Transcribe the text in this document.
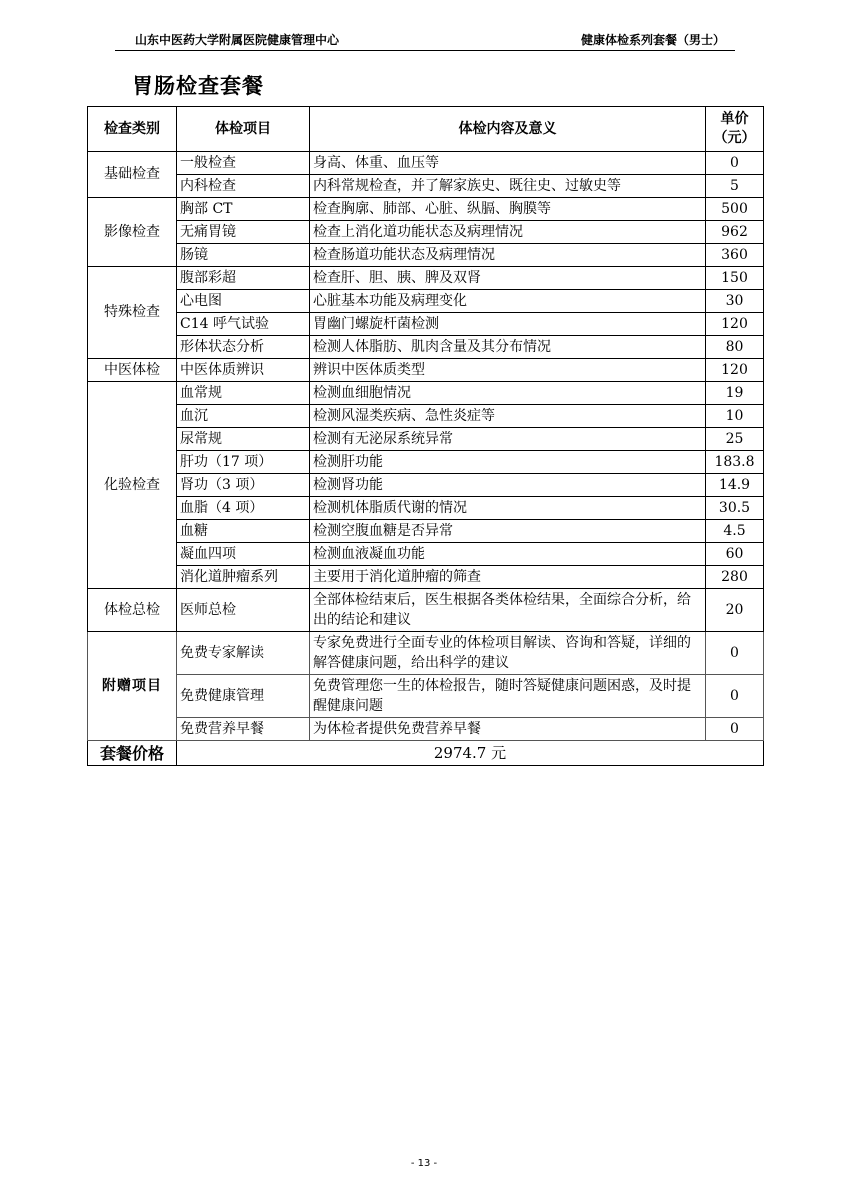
山东中医药大学附属医院健康管理中心	健康体检系列套餐（男士）
胃肠检查套餐
检查类别	体检项目	体检内容及意义	单价
（元）
基础检查	一般检查	身高、体重、血压等	0
	内科检查	内科常规检查，并了解家族史、既往史、过敏史等	5
影像检查	胸部 CT	检查胸廓、肺部、心脏、纵膈、胸膜等	500
	无痛胃镜	检查上消化道功能状态及病理情况	962
	肠镜	检查肠道功能状态及病理情况	360
特殊检查	腹部彩超	检查肝、胆、胰、脾及双肾	150
	心电图	心脏基本功能及病理变化	30
	C14 呼气试验	胃幽门螺旋杆菌检测	120
	形体状态分析	检测人体脂肪、肌肉含量及其分布情况	80
中医体检	中医体质辨识	辨识中医体质类型	120
化验检查	血常规	检测血细胞情况	19
	血沉	检测风湿类疾病、急性炎症等	10
	尿常规	检测有无泌尿系统异常	25
	肝功（17 项）	检测肝功能	183.8
	肾功（3 项）	检测肾功能	14.9
	血脂（4 项）	检测机体脂质代谢的情况	30.5
	血糖	检测空腹血糖是否异常	4.5
	凝血四项	检测血液凝血功能	60
	消化道肿瘤系列	主要用于消化道肿瘤的筛查	280
体检总检	医师总检	全部体检结束后，医生根据各类体检结果，全面综合分析，给出的结论和建议	20
附赠项目	免费专家解读	专家免费进行全面专业的体检项目解读、咨询和答疑，详细的解答健康问题，给出科学的建议	0
	免费健康管理	免费管理您一生的体检报告，随时答疑健康问题困惑，及时提醒健康问题	0
	免费营养早餐	为体检者提供免费营养早餐	0
套餐价格	2974.7 元		
- 13 -
